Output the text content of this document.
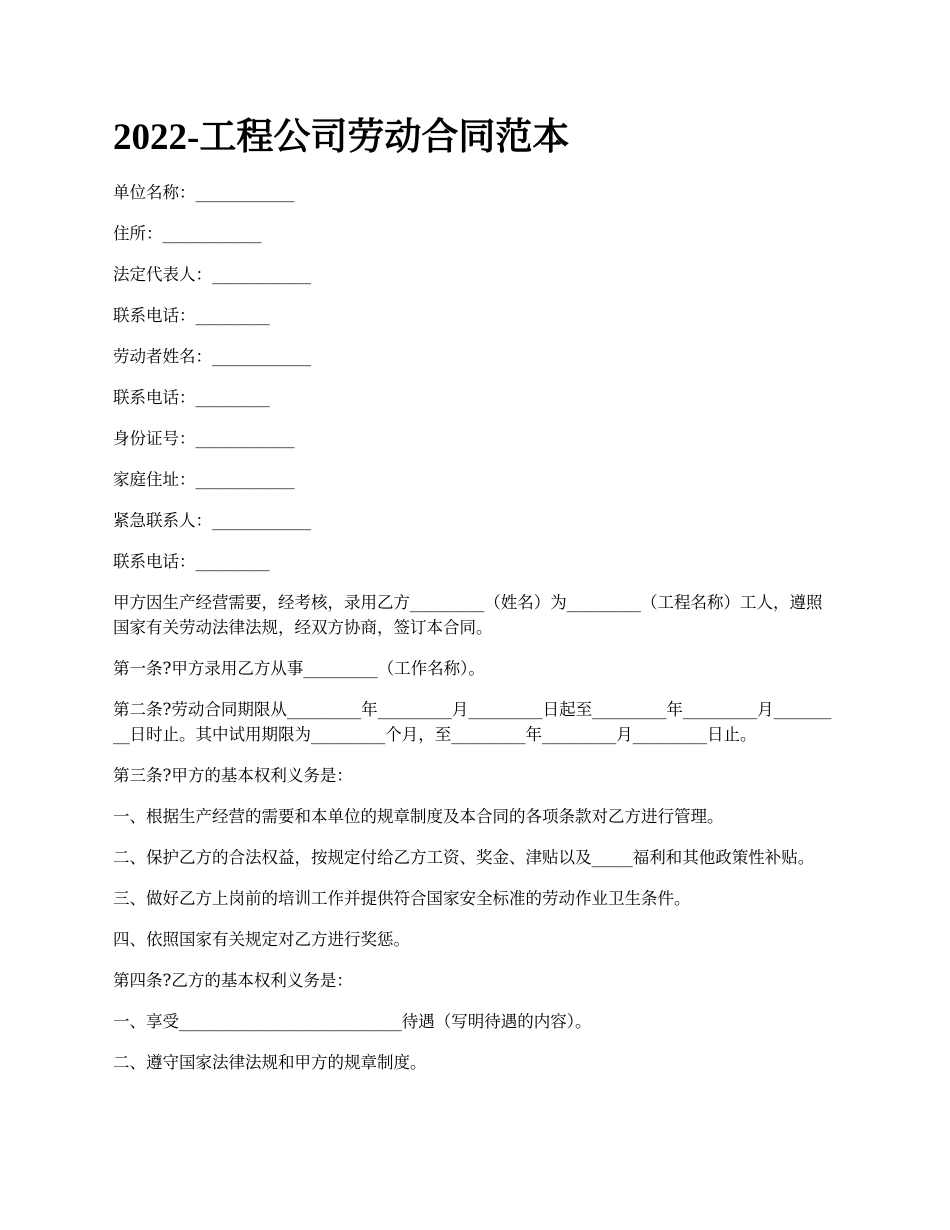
2022-工程公司劳动合同范本

单位名称：____________

住所：____________

法定代表人：____________

联系电话：_________

劳动者姓名：____________

联系电话：_________

身份证号：____________

家庭住址：____________

紧急联系人：____________

联系电话：_________

甲方因生产经营需要，经考核，录用乙方_________（姓名）为_________（工程名称）工人，遵照国家有关劳动法律法规，经双方协商，签订本合同。

第一条?甲方录用乙方从事_________（工作名称）。

第二条?劳动合同期限从_________年_________月_________日起至_________年_________月_________日时止。其中试用期限为_________个月，至_________年_________月_________日止。

第三条?甲方的基本权利义务是：

一、根据生产经营的需要和本单位的规章制度及本合同的各项条款对乙方进行管理。

二、保护乙方的合法权益，按规定付给乙方工资、奖金、津贴以及_____福利和其他政策性补贴。

三、做好乙方上岗前的培训工作并提供符合国家安全标准的劳动作业卫生条件。

四、依照国家有关规定对乙方进行奖惩。

第四条?乙方的基本权利义务是：

一、享受___________________________待遇（写明待遇的内容）。

二、遵守国家法律法规和甲方的规章制度。
